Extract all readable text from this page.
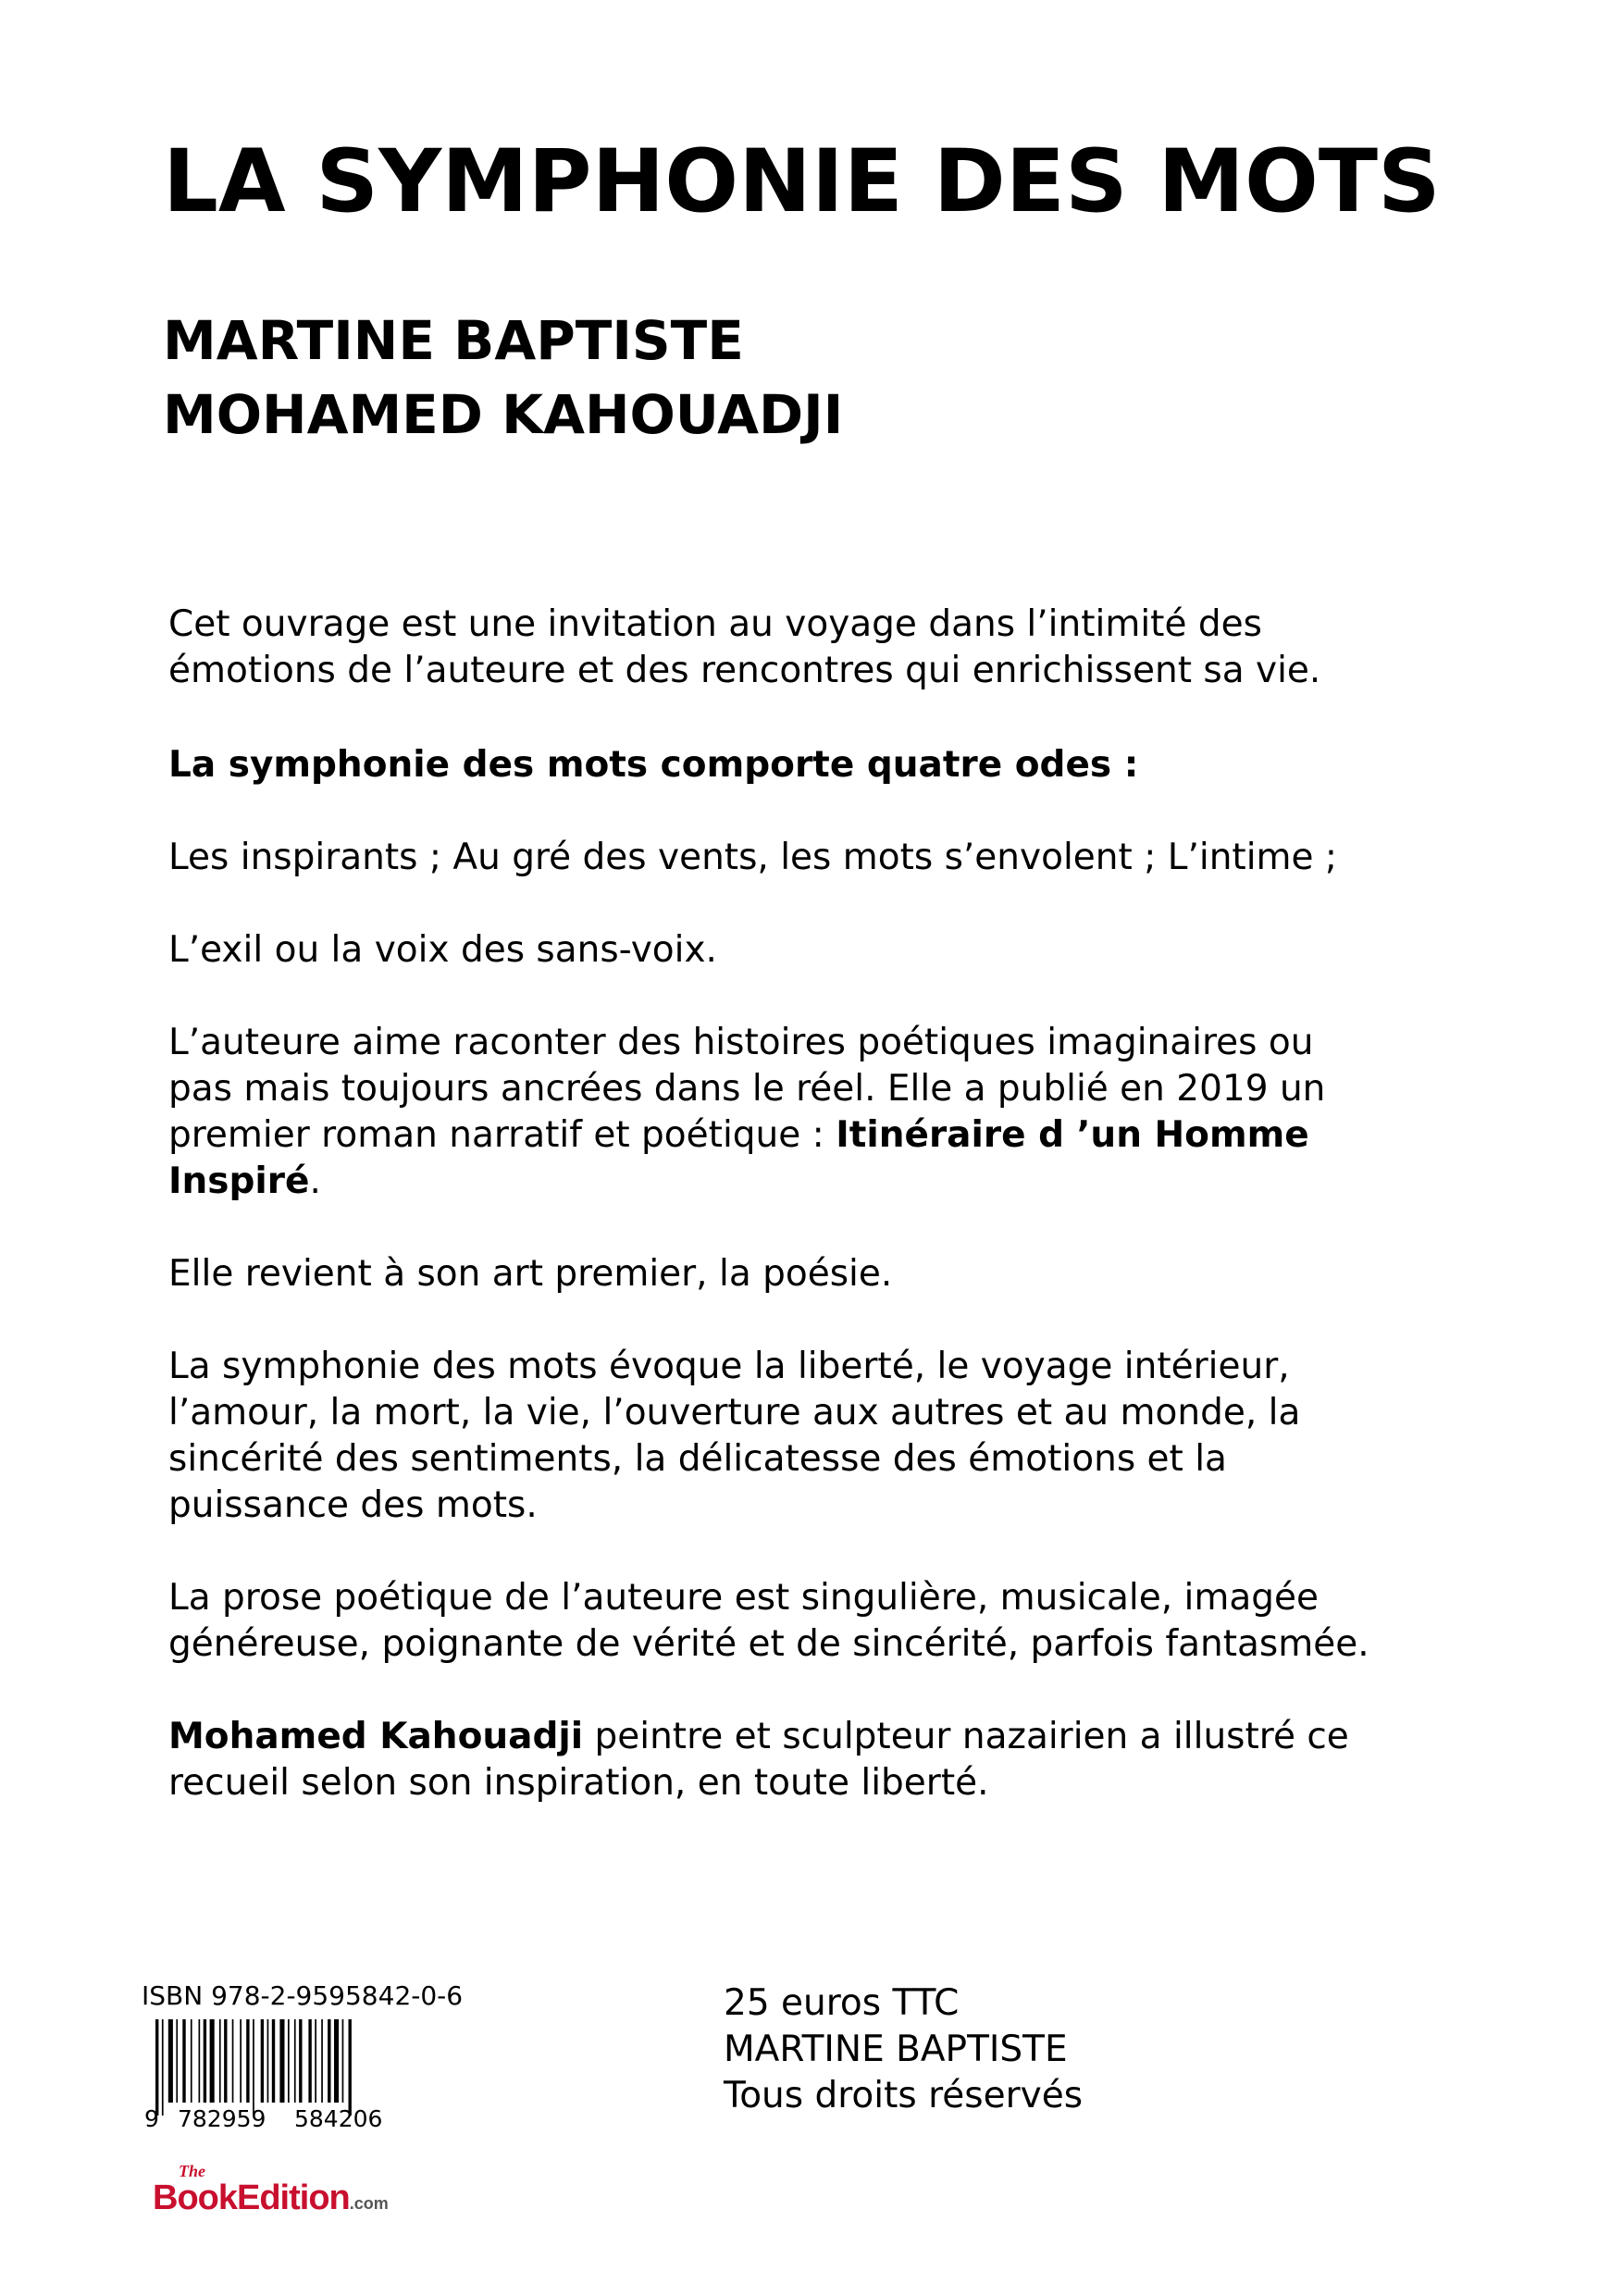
LA SYMPHONIE DES MOTS
MARTINE BAPTISTE
MOHAMED KAHOUADJI

Cet ouvrage est une invitation au voyage dans l’intimité des
émotions de l’auteure et des rencontres qui enrichissent sa vie.

La symphonie des mots comporte quatre odes :

Les inspirants ; Au gré des vents, les mots s’envolent ; L’intime ;

L’exil ou la voix des sans-voix.

L’auteure aime raconter des histoires poétiques imaginaires ou
pas mais toujours ancrées dans le réel. Elle a publié en 2019 un
premier roman narratif et poétique : Itinéraire d ’un Homme
Inspiré.

Elle revient à son art premier, la poésie.

La symphonie des mots évoque la liberté, le voyage intérieur,
l’amour, la mort, la vie, l’ouverture aux autres et au monde, la
sincérité des sentiments, la délicatesse des émotions et la
puissance des mots.

La prose poétique de l’auteure est singulière, musicale, imagée
généreuse, poignante de vérité et de sincérité, parfois fantasmée.

Mohamed Kahouadji peintre et sculpteur nazairien a illustré ce
recueil selon son inspiration, en toute liberté.

ISBN 978-2-9595842-0-6
9 782959 584206
The
BookEdition.com
25 euros TTC
MARTINE BAPTISTE
Tous droits réservés
